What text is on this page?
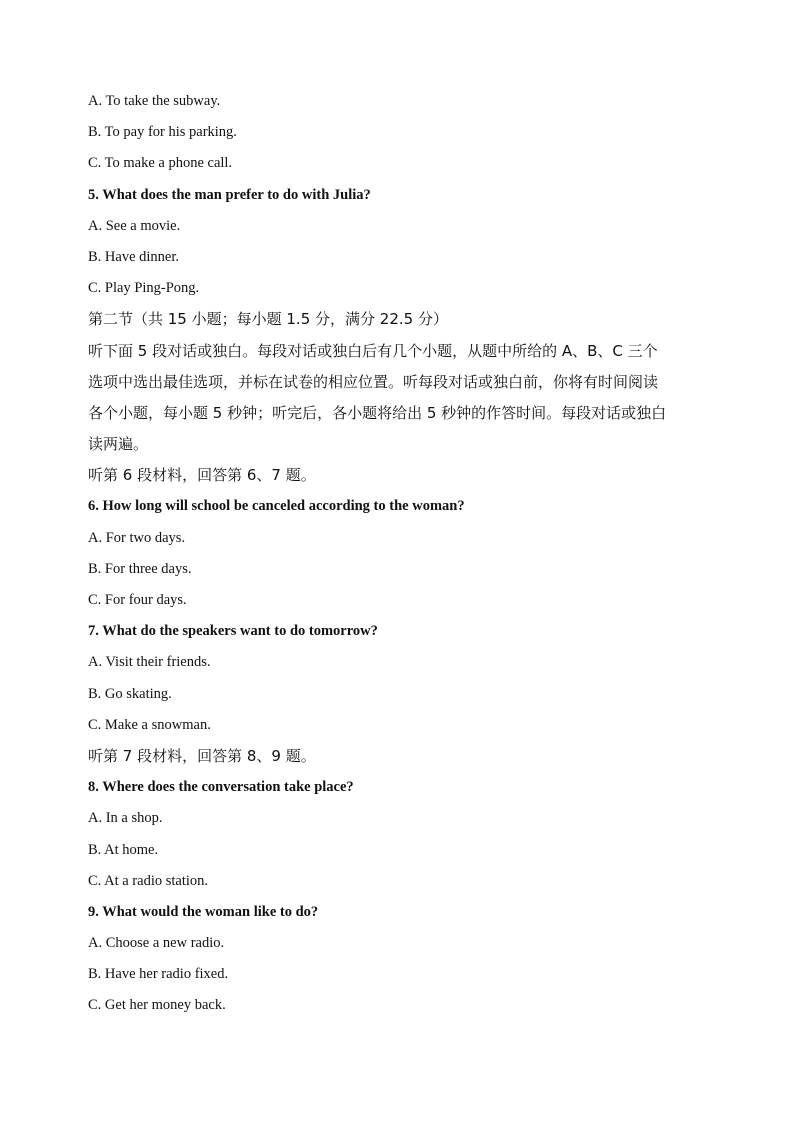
A. To take the subway.
B. To pay for his parking.
C. To make a phone call.
5. What does the man prefer to do with Julia?
A. See a movie.
B. Have dinner.
C. Play Ping-Pong.
第二节（共 15 小题；每小题 1.5 分，满分 22.5 分）
听下面 5 段对话或独白。每段对话或独白后有几个小题，从题中所给的 A、B、C 三个
选项中选出最佳选项，并标在试卷的相应位置。听每段对话或独白前，你将有时间阅读
各个小题，每小题 5 秒钟；听完后，各小题将给出 5 秒钟的作答时间。每段对话或独白
读两遍。
听第 6 段材料，回答第 6、7 题。
6. How long will school be canceled according to the woman?
A. For two days.
B. For three days.
C. For four days.
7. What do the speakers want to do tomorrow?
A. Visit their friends.
B. Go skating.
C. Make a snowman.
听第 7 段材料，回答第 8、9 题。
8. Where does the conversation take place?
A. In a shop.
B. At home.
C. At a radio station.
9. What would the woman like to do?
A. Choose a new radio.
B. Have her radio fixed.
C. Get her money back.
